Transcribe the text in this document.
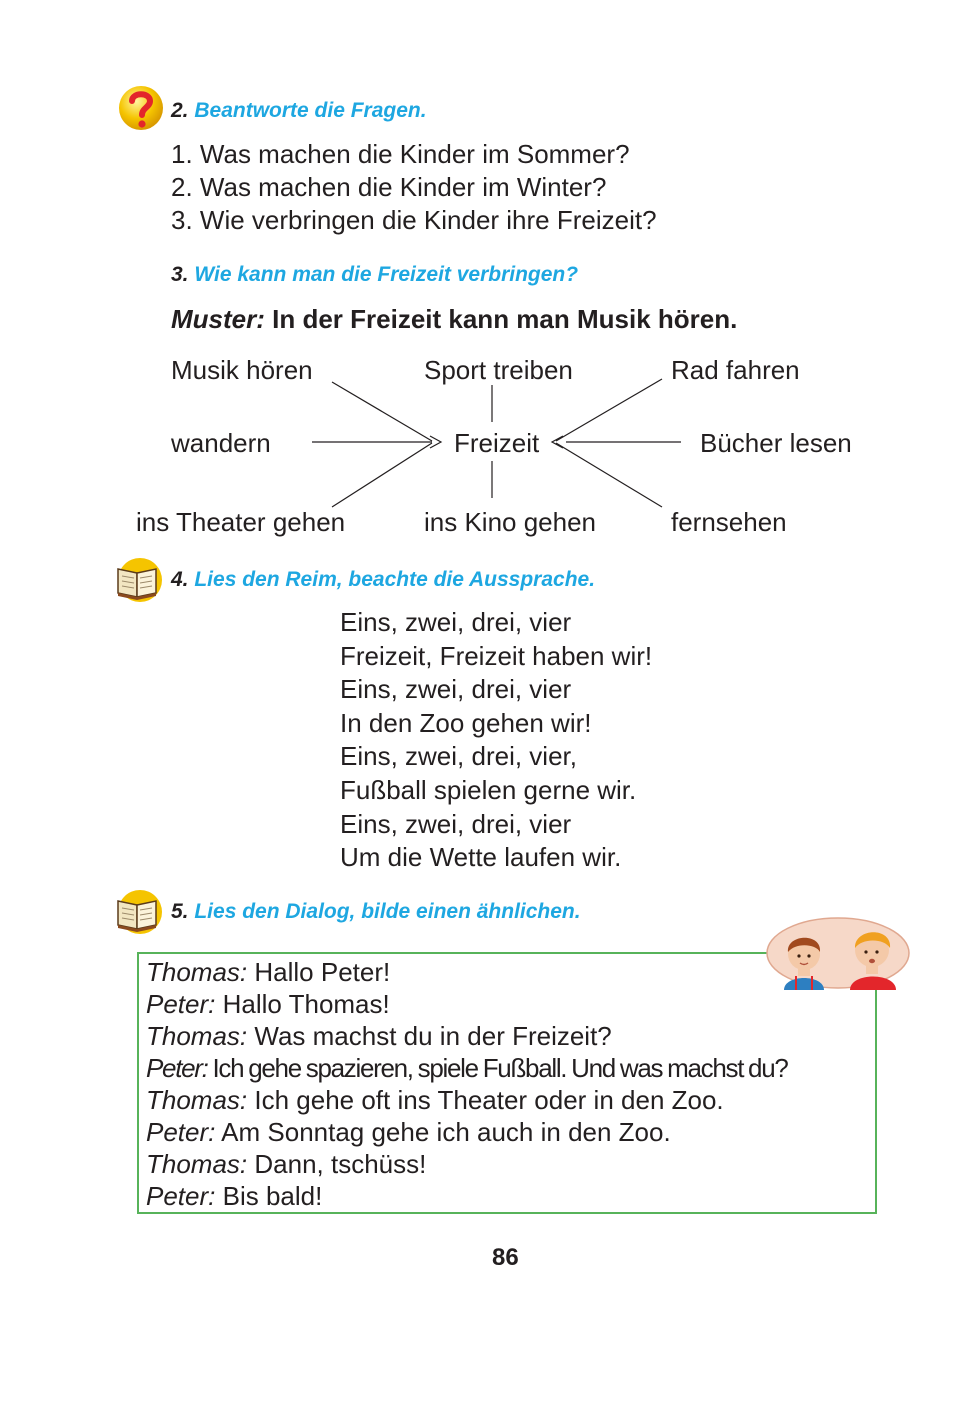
2. Beantworte die Fragen.
1. Was machen die Kinder im Sommer?
2. Was machen die Kinder im Winter?
3. Wie verbringen die Kinder ihre Freizeit?
3. Wie kann man die Freizeit verbringen?
Muster: In der Freizeit kann man Musik hören.
Musik hören	Sport treiben	Rad fahren
wandern	Freizeit	Bücher lesen
ins Theater gehen	ins Kino gehen	fernsehen
4. Lies den Reim, beachte die Aussprache.
Eins, zwei, drei, vier
Freizeit, Freizeit haben wir!
Eins, zwei, drei, vier
In den Zoo gehen wir!
Eins, zwei, drei, vier,
Fußball spielen gerne wir.
Eins, zwei, drei, vier
Um die Wette laufen wir.
5. Lies den Dialog, bilde einen ähnlichen.
Thomas: Hallo Peter!
Peter: Hallo Thomas!
Thomas: Was machst du in der Freizeit?
Peter: Ich gehe spazieren, spiele Fußball. Und was machst du?
Thomas: Ich gehe oft ins Theater oder in den Zoo.
Peter: Am Sonntag gehe ich auch in den Zoo.
Thomas: Dann, tschüss!
Peter: Bis bald!
86
